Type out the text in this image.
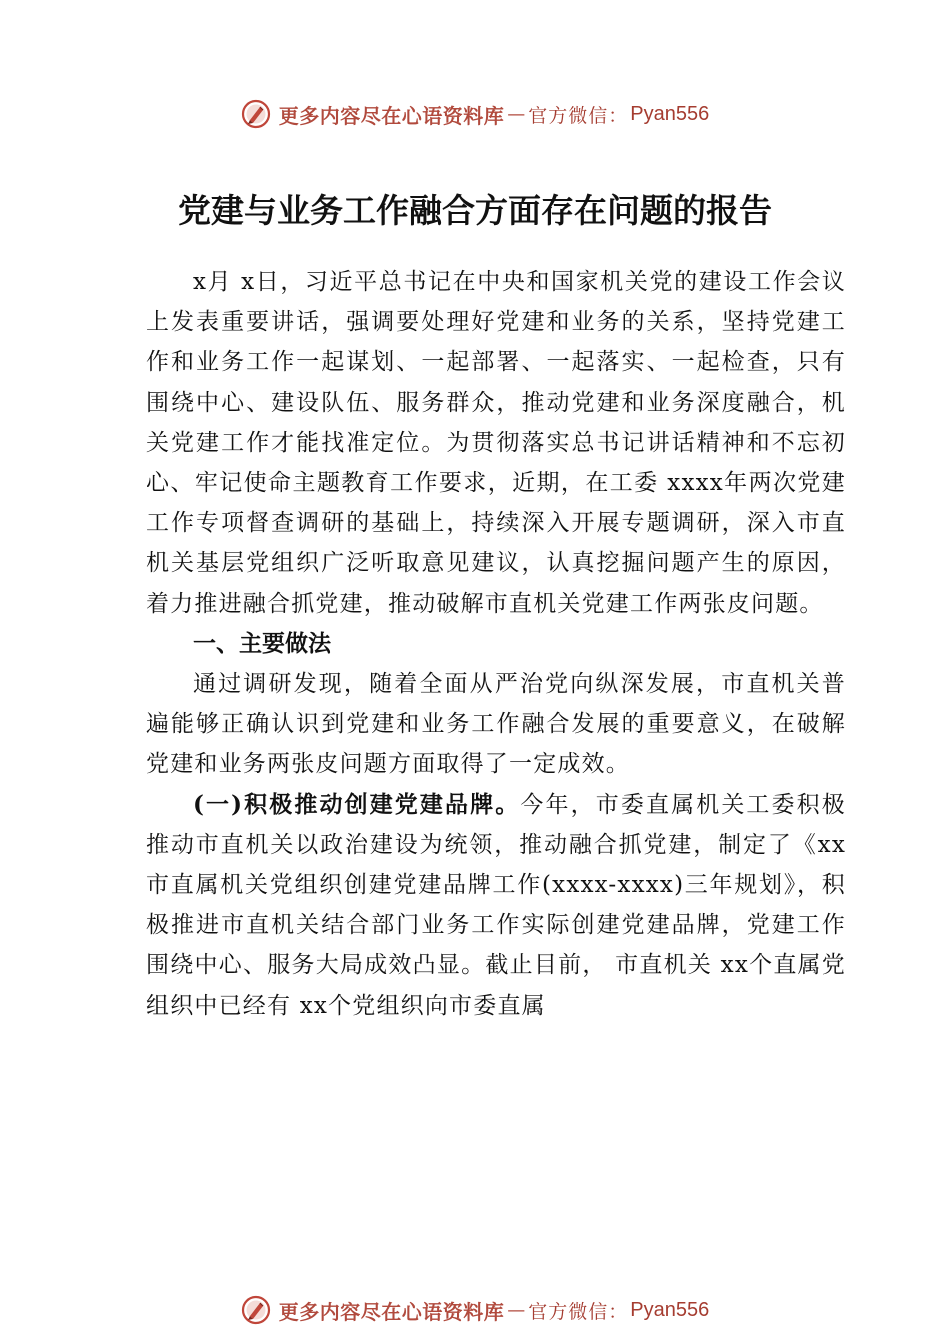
更多内容尽在心语资料库 — 官方微信： Pyan556
党建与业务工作融合方面存在问题的报告

x月 x日，习近平总书记在中央和国家机关党的建设工作会议上发表重要讲话，强调要处理好党建和业务的关系，坚持党建工作和业务工作一起谋划、一起部署、一起落实、一起检查，只有围绕中心、建设队伍、服务群众，推动党建和业务深度融合，机关党建工作才能找准定位。为贯彻落实总书记讲话精神和不忘初心、牢记使命主题教育工作要求，近期，在工委 xxxx年两次党建工作专项督查调研的基础上，持续深入开展专题调研，深入市直机关基层党组织广泛听取意见建议，认真挖掘问题产生的原因，着力推进融合抓党建，推动破解市直机关党建工作两张皮问题。

一、主要做法

通过调研发现，随着全面从严治党向纵深发展，市直机关普遍能够正确认识到党建和业务工作融合发展的重要意义，在破解党建和业务两张皮问题方面取得了一定成效。

(一)积极推动创建党建品牌。今年，市委直属机关工委积极推动市直机关以政治建设为统领，推动融合抓党建，制定了《xx市直属机关党组织创建党建品牌工作(xxxx-xxxx)三年规划》，积极推进市直机关结合部门业务工作实际创建党建品牌，党建工作围绕中心、服务大局成效凸显。截止目前， 市直机关 xx个直属党组织中已经有 xx个党组织向市委直属

更多内容尽在心语资料库 — 官方微信： Pyan556
